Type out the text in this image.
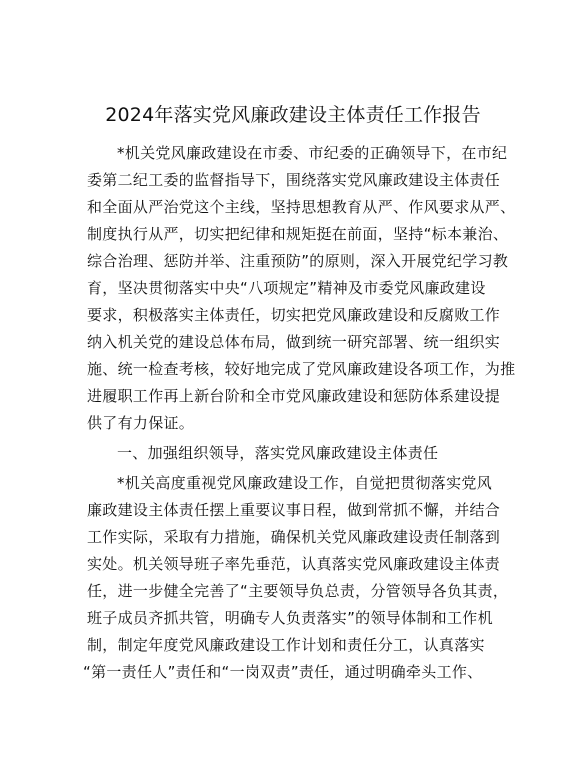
2024年落实党风廉政建设主体责任工作报告
*机关党风廉政建设在市委、市纪委的正确领导下，在市纪
委第二纪工委的监督指导下，围绕落实党风廉政建设主体责任
和全面从严治党这个主线，坚持思想教育从严、作风要求从严、
制度执行从严，切实把纪律和规矩挺在前面，坚持“标本兼治、
综合治理、惩防并举、注重预防”的原则，深入开展党纪学习教
育，坚决贯彻落实中央“八项规定”精神及市委党风廉政建设
要求，积极落实主体责任，切实把党风廉政建设和反腐败工作
纳入机关党的建设总体布局，做到统一研究部署、统一组织实
施、统一检查考核，较好地完成了党风廉政建设各项工作，为推
进履职工作再上新台阶和全市党风廉政建设和惩防体系建设提
供了有力保证。
一、加强组织领导，落实党风廉政建设主体责任
*机关高度重视党风廉政建设工作，自觉把贯彻落实党风
廉政建设主体责任摆上重要议事日程，做到常抓不懈，并结合
工作实际，采取有力措施，确保机关党风廉政建设责任制落到
实处。机关领导班子率先垂范，认真落实党风廉政建设主体责
任，进一步健全完善了“主要领导负总责，分管领导各负其责，
班子成员齐抓共管，明确专人负责落实”的领导体制和工作机
制，制定年度党风廉政建设工作计划和责任分工，认真落实
“第一责任人”责任和“一岗双责”责任，通过明确牵头工作、
